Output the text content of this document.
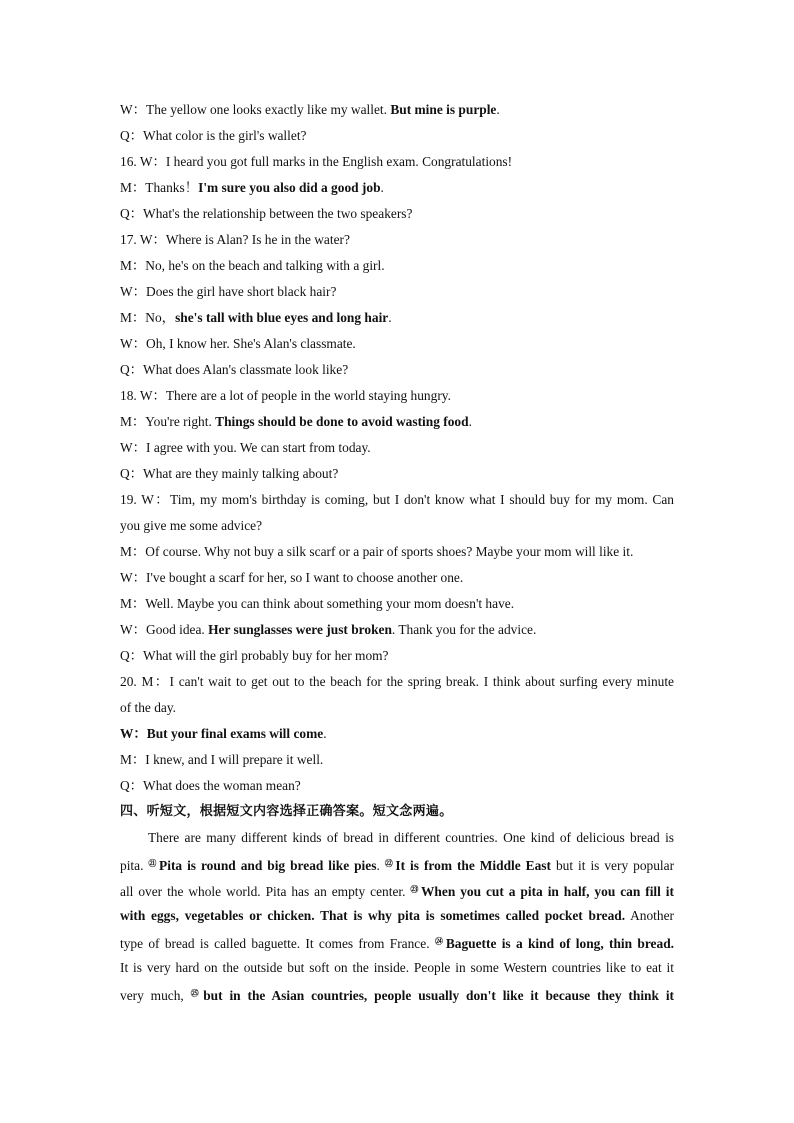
W：The yellow one looks exactly like my wallet. But mine is purple.
Q：What color is the girl's wallet?
16. W：I heard you got full marks in the English exam. Congratulations!
M：Thanks！I'm sure you also did a good job.
Q：What's the relationship between the two speakers?
17. W：Where is Alan? Is he in the water?
M：No, he's on the beach and talking with a girl.
W：Does the girl have short black hair?
M：No，she's tall with blue eyes and long hair.
W：Oh, I know her. She's Alan's classmate.
Q：What does Alan's classmate look like?
18. W：There are a lot of people in the world staying hungry.
M：You're right. Things should be done to avoid wasting food.
W：I agree with you. We can start from today.
Q：What are they mainly talking about?
19. W：Tim, my mom's birthday is coming, but I don't know what I should buy for my mom. Can
you give me some advice?
M：Of course. Why not buy a silk scarf or a pair of sports shoes? Maybe your mom will like it.
W：I've bought a scarf for her, so I want to choose another one.
M：Well. Maybe you can think about something your mom doesn't have.
W：Good idea. Her sunglasses were just broken. Thank you for the advice.
Q：What will the girl probably buy for her mom?
20. M：I can't wait to get out to the beach for the spring break. I think about surfing every minute
of the day.
W：But your final exams will come.
M：I knew, and I will prepare it well.
Q：What does the woman mean?
四、听短文，根据短文内容选择正确答案。短文念两遍。
There are many different kinds of bread in different countries. One kind of delicious bread is
pita. $^㉑$Pita is round and big bread like pies. $^㉒$It is from the Middle East but it is very popular
all over the whole world. Pita has an empty center. $^㉓$When you cut a pita in half, you can fill it
with eggs, vegetables or chicken. That is why pita is sometimes called pocket bread. Another
type of bread is called baguette. It comes from France. $^㉔$Baguette is a kind of long, thin bread.
It is very hard on the outside but soft on the inside. People in some Western countries like to eat it
very much, $^㉕$but in the Asian countries, people usually don't like it because they think it
